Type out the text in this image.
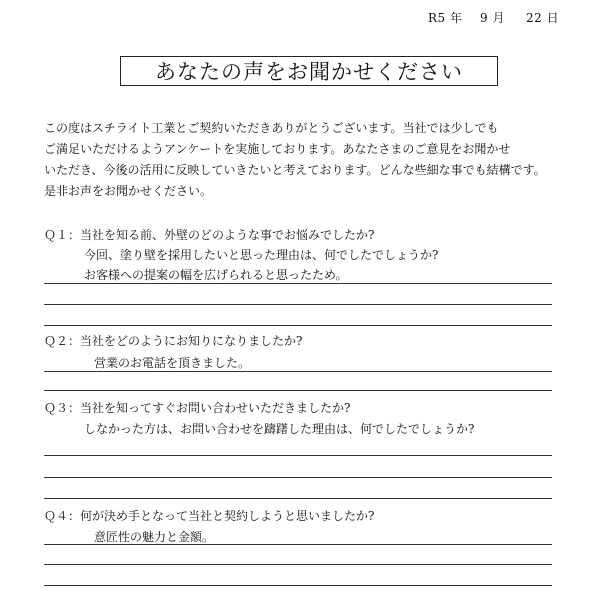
R5 年 9 月 22 日
あなたの声をお聞かせください
この度はスチライト工業とご契約いただきありがとうございます。当社では少しでも
ご満足いただけるようアンケートを実施しております。あなたさまのご意見をお聞かせ
いただき、今後の活用に反映していきたいと考えております。どんな些細な事でも結構です。
是非お声をお聞かせください。
Ｑ１：当社を知る前、外壁のどのような事でお悩みでしたか?
今回、塗り壁を採用したいと思った理由は、何でしたでしょうか?
お客様への提案の幅を広げられると思ったため。
Ｑ２：当社をどのようにお知りになりましたか?
営業のお電話を頂きました。
Ｑ３：当社を知ってすぐお問い合わせいただきましたか?
しなかった方は、お問い合わせを躊躇した理由は、何でしたでしょうか?
Ｑ４：何が決め手となって当社と契約しようと思いましたか?
意匠性の魅力と金額。
